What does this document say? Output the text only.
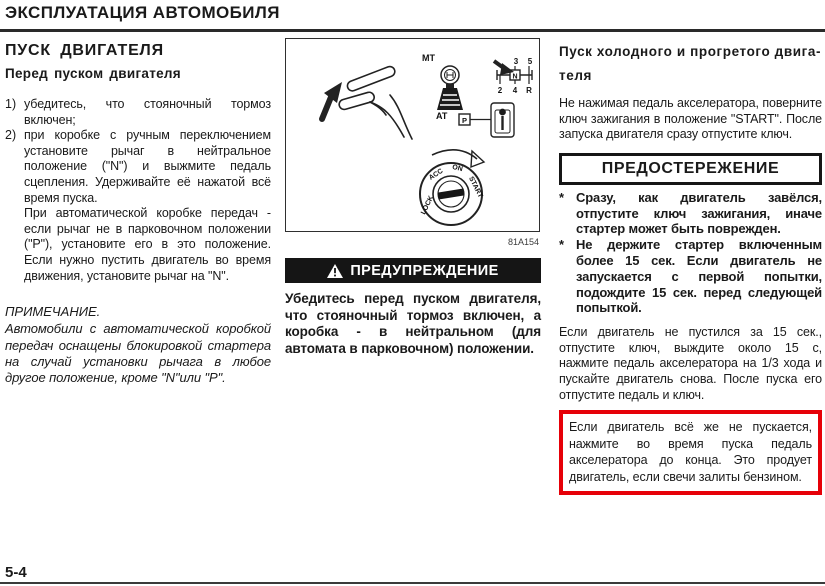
ЭКСПЛУАТАЦИЯ АВТОМОБИЛЯ
ПУСК ДВИГАТЕЛЯ
Перед пуском двигателя
1) убедитесь, что стояночный тормоз включен;
2) при коробке с ручным переключением установите рычаг в нейтральное положение ("N") и выжмите педаль сцепления. Удерживайте её нажатой всё время пуска.
При автоматической коробке передач - если рычаг не в парковочном положении ("P"), установите его в это положение. Если нужно пустить двигатель во время движения, установите рычаг на "N".
ПРИМЕЧАНИЕ.
Автомобили с автоматической коробкой передач оснащены блокировкой стартера на случай установки рычага в любое другое положение, кроме "N"или "P".
MT
N
3 5
2 4 R
AT P
LOCK
ACC ON
START
81A154
ПРЕДУПРЕЖДЕНИЕ
Убедитесь перед пуском двигателя, что стояночный тормоз включен, а коробка - в нейтральном (для автомата в парковочном) положении.
Пуск холодного и прогретого двига-
теля
Не нажимая педаль акселератора, поверните ключ зажигания в положение "START". После запуска двигателя сразу отпустите ключ.
ПРЕДОСТЕРЕЖЕНИЕ
* Сразу, как двигатель завёлся, отпустите ключ зажигания, иначе стартер может быть поврежден.
* Не держите стартер включенным более 15 сек. Если двигатель не запускается с первой попытки, подождите 15 сек. перед следующей попыткой.
Если двигатель не пустился за 15 сек., отпустите ключ, выждите около 15 с, нажмите педаль акселератора на 1/3 хода и пускайте двигатель снова. После пуска его отпустите педаль и ключ.
Если двигатель всё же не пускается, нажмите во время пуска педаль акселератора до конца. Это продует двигатель, если свечи залиты бензином.
5-4
